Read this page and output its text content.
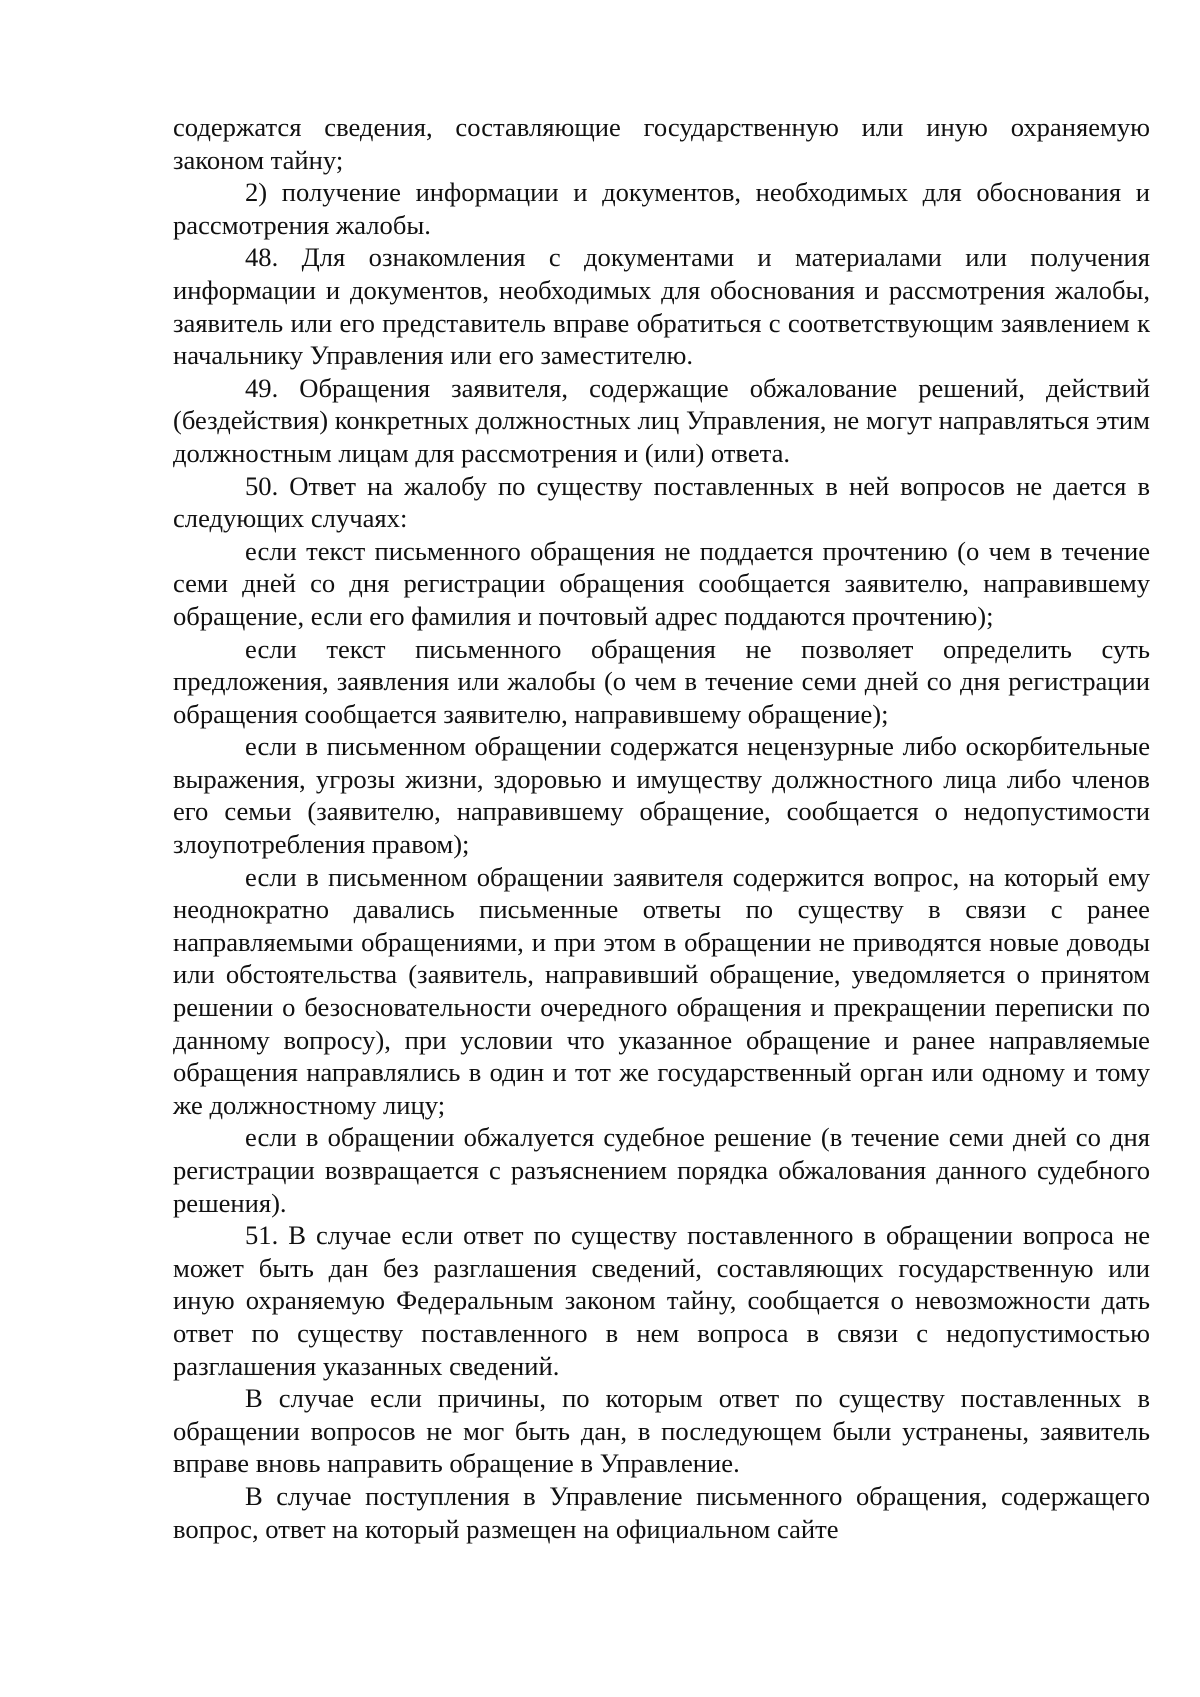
содержатся сведения, составляющие государственную или иную охраняемую законом тайну;

2) получение информации и документов, необходимых для обоснования и рассмотрения жалобы.

48. Для ознакомления с документами и материалами или получения информации и документов, необходимых для обоснования и рассмотрения жалобы, заявитель или его представитель вправе обратиться с соответствующим заявлением к начальнику Управления или его заместителю.

49. Обращения заявителя, содержащие обжалование решений, действий (бездействия) конкретных должностных лиц Управления, не могут направляться этим должностным лицам для рассмотрения и (или) ответа.

50. Ответ на жалобу по существу поставленных в ней вопросов не дается в следующих случаях:

если текст письменного обращения не поддается прочтению (о чем в течение семи дней со дня регистрации обращения сообщается заявителю, направившему обращение, если его фамилия и почтовый адрес поддаются прочтению);

если текст письменного обращения не позволяет определить суть предложения, заявления или жалобы (о чем в течение семи дней со дня регистрации обращения сообщается заявителю, направившему обращение);

если в письменном обращении содержатся нецензурные либо оскорбительные выражения, угрозы жизни, здоровью и имуществу должностного лица либо членов его семьи (заявителю, направившему обращение, сообщается о недопустимости злоупотребления правом);

если в письменном обращении заявителя содержится вопрос, на который ему неоднократно давались письменные ответы по существу в связи с ранее направляемыми обращениями, и при этом в обращении не приводятся новые доводы или обстоятельства (заявитель, направивший обращение, уведомляется о принятом решении о безосновательности очередного обращения и прекращении переписки по данному вопросу), при условии что указанное обращение и ранее направляемые обращения направлялись в один и тот же государственный орган или одному и тому же должностному лицу;

если в обращении обжалуется судебное решение (в течение семи дней со дня регистрации возвращается с разъяснением порядка обжалования данного судебного решения).

51. В случае если ответ по существу поставленного в обращении вопроса не может быть дан без разглашения сведений, составляющих государственную или иную охраняемую Федеральным законом тайну, сообщается о невозможности дать ответ по существу поставленного в нем вопроса в связи с недопустимостью разглашения указанных сведений.

В случае если причины, по которым ответ по существу поставленных в обращении вопросов не мог быть дан, в последующем были устранены, заявитель вправе вновь направить обращение в Управление.

В случае поступления в Управление письменного обращения, содержащего вопрос, ответ на который размещен на официальном сайте
